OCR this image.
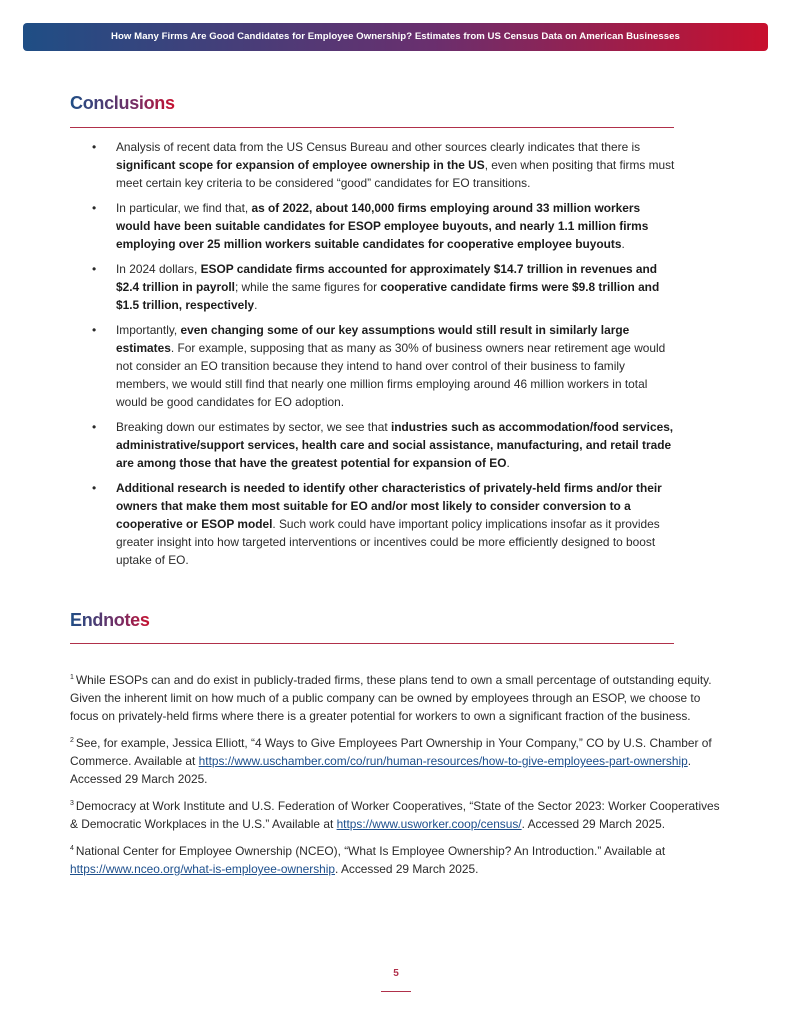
How Many Firms Are Good Candidates for Employee Ownership? Estimates from US Census Data on American Businesses
Conclusions
•	Analysis of recent data from the US Census Bureau and other sources clearly indicates that there is significant scope for expansion of employee ownership in the US, even when positing that firms must meet certain key criteria to be considered “good” candidates for EO transitions.
•	In particular, we find that, as of 2022, about 140,000 firms employing around 33 million workers would have been suitable candidates for ESOP employee buyouts, and nearly 1.1 million firms employing over 25 million workers suitable candidates for cooperative employee buyouts.
•	In 2024 dollars, ESOP candidate firms accounted for approximately $14.7 trillion in revenues and $2.4 trillion in payroll; while the same figures for cooperative candidate firms were $9.8 trillion and $1.5 trillion, respectively.
•	Importantly, even changing some of our key assumptions would still result in similarly large estimates. For example, supposing that as many as 30% of business owners near retirement age would not consider an EO transition because they intend to hand over control of their business to family members, we would still find that nearly one million firms employing around 46 million workers in total would be good candidates for EO adoption.
•	Breaking down our estimates by sector, we see that industries such as accommodation/food services, administrative/support services, health care and social assistance, manufacturing, and retail trade are among those that have the greatest potential for expansion of EO.
•	Additional research is needed to identify other characteristics of privately-held firms and/or their owners that make them most suitable for EO and/or most likely to consider conversion to a cooperative or ESOP model. Such work could have important policy implications insofar as it provides greater insight into how targeted interventions or incentives could be more efficiently designed to boost uptake of EO.
Endnotes

$^1$ While ESOPs can and do exist in publicly-traded firms, these plans tend to own a small percentage of outstanding equity. Given the inherent limit on how much of a public company can be owned by employees through an ESOP, we choose to focus on privately-held firms where there is a greater potential for workers to own a significant fraction of the business.

$^2$ See, for example, Jessica Elliott, “4 Ways to Give Employees Part Ownership in Your Company,” CO by U.S. Chamber of Commerce. Available at https://www.uschamber.com/co/run/human-resources/how-to-give-employees-part-ownership. Accessed 29 March 2025.

$^3$ Democracy at Work Institute and U.S. Federation of Worker Cooperatives, “State of the Sector 2023: Worker Cooperatives & Democratic Workplaces in the U.S.” Available at https://www.usworker.coop/census/. Accessed 29 March 2025.

$^4$ National Center for Employee Ownership (NCEO), “What Is Employee Ownership? An Introduction.” Available at https://www.nceo.org/what-is-employee-ownership. Accessed 29 March 2025.

5
